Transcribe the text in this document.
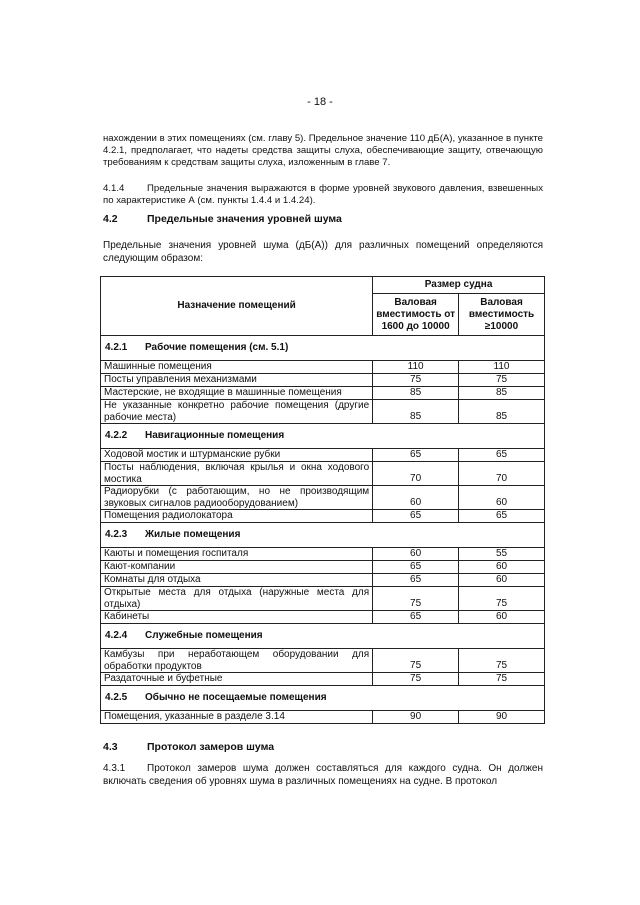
- 18 -

нахождении в этих помещениях (см. главу 5). Предельное значение 110 дБ(А), указанное в пункте 4.2.1, предполагает, что надеты средства защиты слуха, обеспечивающие защиту, отвечающую требованиям к средствам защиты слуха, изложенным в главе 7.

4.1.4 Предельные значения выражаются в форме уровней звукового давления, взвешенных по характеристике А (см. пункты 1.4.4 и 1.4.24).

4.2	Предельные значения уровней шума

Предельные значения уровней шума (дБ(А)) для различных помещений определяются следующим образом:

Назначение помещений	Размер судна	
	Валовая вместимость от 1600 до 10000	Валовая вместимость ≥10000
4.2.1 Рабочие помещения (см. 5.1)		
Машинные помещения	110	110
Посты управления механизмами	75	75
Мастерские, не входящие в машинные помещения	85	85
Не указанные конкретно рабочие помещения (другие рабочие места)	85	85
4.2.2 Навигационные помещения		
Ходовой мостик и штурманские рубки	65	65
Посты наблюдения, включая крылья и окна ходового мостика	70	70
Радиорубки (с работающим, но не производящим звуковых сигналов радиооборудованием)	60	60
Помещения радиолокатора	65	65
4.2.3 Жилые помещения		
Каюты и помещения госпиталя	60	55
Кают-компании	65	60
Комнаты для отдыха	65	60
Открытые места для отдыха (наружные места для отдыха)	75	75
Кабинеты	65	60
4.2.4 Служебные помещения		
Камбузы при неработающем оборудовании для обработки продуктов	75	75
Раздаточные и буфетные	75	75
4.2.5 Обычно не посещаемые помещения		
Помещения, указанные в разделе 3.14	90	90
4.3	Протокол замеров шума

4.3.1 Протокол замеров шума должен составляться для каждого судна. Он должен включать сведения об уровнях шума в различных помещениях на судне. В протокол
